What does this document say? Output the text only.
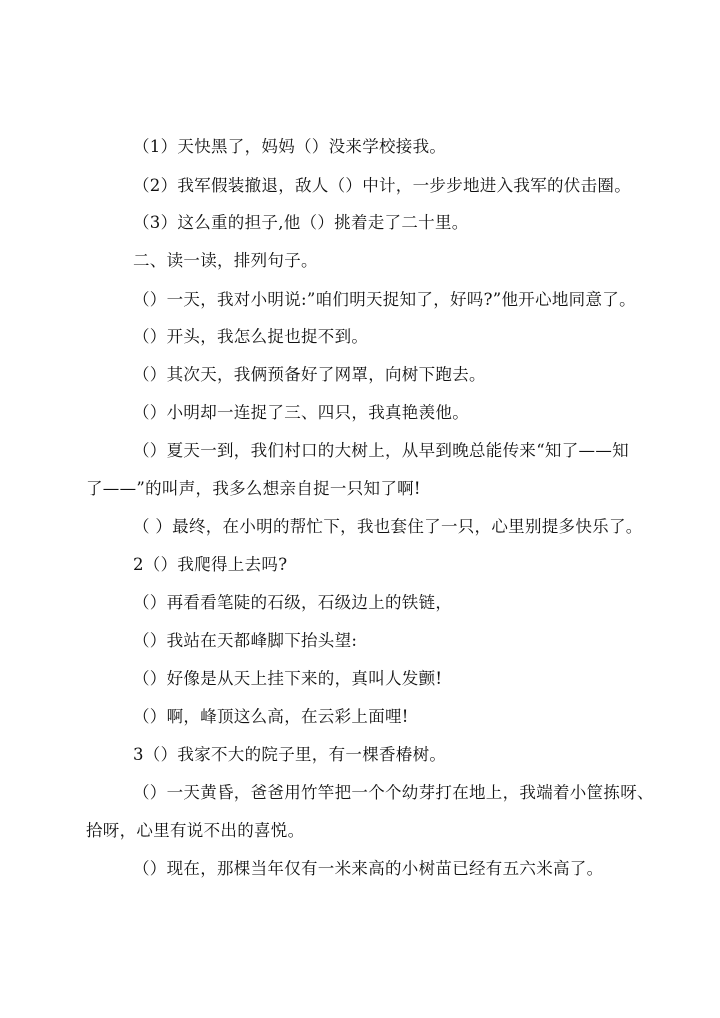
（1）天快黑了，妈妈（）没来学校接我。
（2）我军假装撤退，敌人（）中计，一步步地进入我军的伏击圈。
（3）这么重的担子,他（）挑着走了二十里。
二、读一读，排列句子。
（）一天，我对小明说:”咱们明天捉知了，好吗?”他开心地同意了。
（）开头，我怎么捉也捉不到。
（）其次天，我俩预备好了网罩，向树下跑去。
（）小明却一连捉了三、四只，我真艳羡他。
（）夏天一到，我们村口的大树上，从早到晚总能传来“知了——知
了——”的叫声，我多么想亲自捉一只知了啊!
（ ）最终，在小明的帮忙下，我也套住了一只，心里别提多快乐了。
2（）我爬得上去吗?
（）再看看笔陡的石级，石级边上的铁链，
（）我站在天都峰脚下抬头望:
（）好像是从天上挂下来的，真叫人发颤!
（）啊，峰顶这么高，在云彩上面哩!
3（）我家不大的院子里，有一棵香椿树。
（）一天黄昏，爸爸用竹竿把一个个幼芽打在地上，我端着小筐拣呀、
拾呀，心里有说不出的喜悦。
（）现在，那棵当年仅有一米来高的小树苗已经有五六米高了。
